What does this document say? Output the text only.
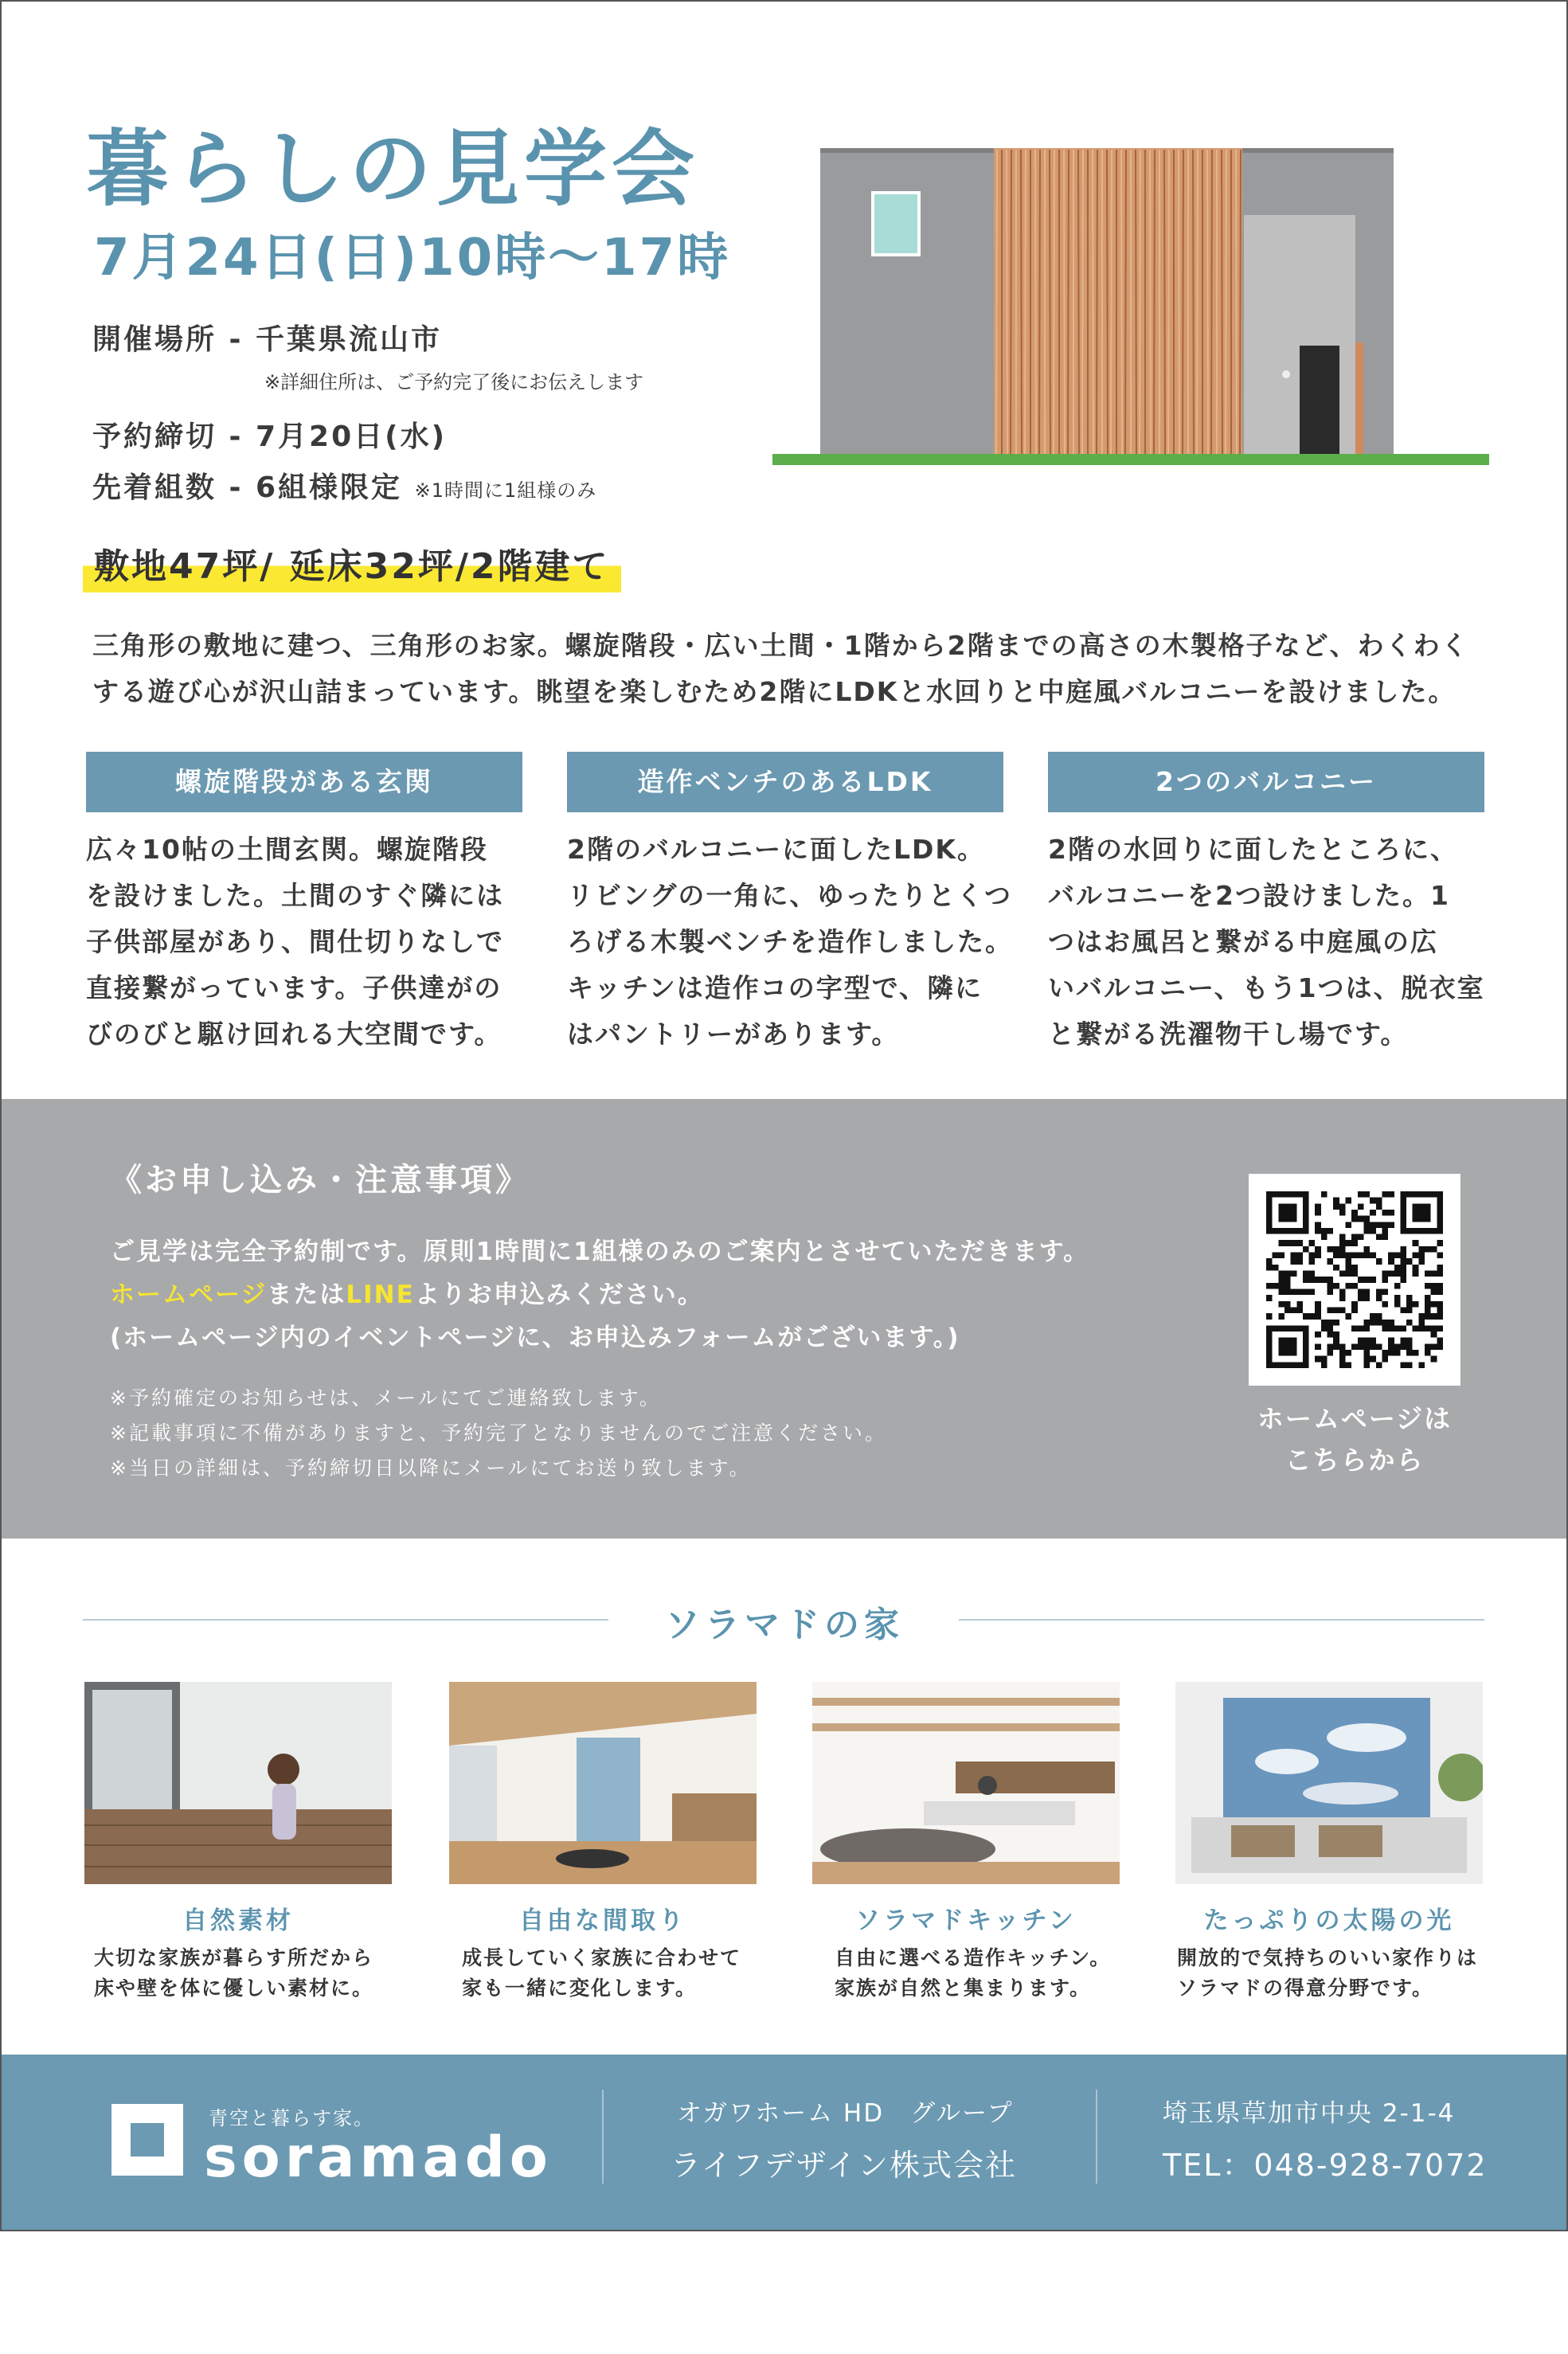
暮らしの見学会
7月24日(日)10時〜17時
開催場所 - 千葉県流山市
※詳細住所は、ご予約完了後にお伝えします
予約締切 - 7月20日(水)
先着組数 - 6組様限定 ※1時間に1組様のみ
敷地47坪/ 延床32坪/2階建て
三角形の敷地に建つ、三角形のお家。螺旋階段・広い土間・1階から2階までの高さの木製格子など、わくわく
する遊び心が沢山詰まっています。眺望を楽しむため2階にLDKと水回りと中庭風バルコニーを設けました。
螺旋階段がある玄関	造作ベンチのあるLDK	2つのバルコニー
広々10帖の土間玄関。螺旋階段
を設けました。土間のすぐ隣には
子供部屋があり、間仕切りなしで
直接繋がっています。子供達がの
びのびと駆け回れる大空間です。
2階のバルコニーに面したLDK。
リビングの一角に、ゆったりとくつ
ろげる木製ベンチを造作しました。
キッチンは造作コの字型で、隣に
はパントリーがあります。
2階の水回りに面したところに、
バルコニーを2つ設けました。1
つはお風呂と繋がる中庭風の広
いバルコニー、もう1つは、脱衣室
と繋がる洗濯物干し場です。
《お申し込み・注意事項》
ご見学は完全予約制です。原則1時間に1組様のみのご案内とさせていただきます。
ホームページまたはLINEよりお申込みください。
(ホームページ内のイベントページに、お申込みフォームがございます。)
※予約確定のお知らせは、メールにてご連絡致します。
※記載事項に不備がありますと、予約完了となりませんのでご注意ください。
※当日の詳細は、予約締切日以降にメールにてお送り致します。
ホームページは
こちらから
ソラマドの家
自然素材	自由な間取り	ソラマドキッチン	たっぷりの太陽の光
大切な家族が暮らす所だから
床や壁を体に優しい素材に。
成長していく家族に合わせて
家も一緒に変化します。
自由に選べる造作キッチン。
家族が自然と集まります。
開放的で気持ちのいい家作りは
ソラマドの得意分野です。
青空と暮らす家。
soramado
オガワホーム HD　グループ
ライフデザイン株式会社
埼玉県草加市中央 2-1-4
TEL：048-928-7072
